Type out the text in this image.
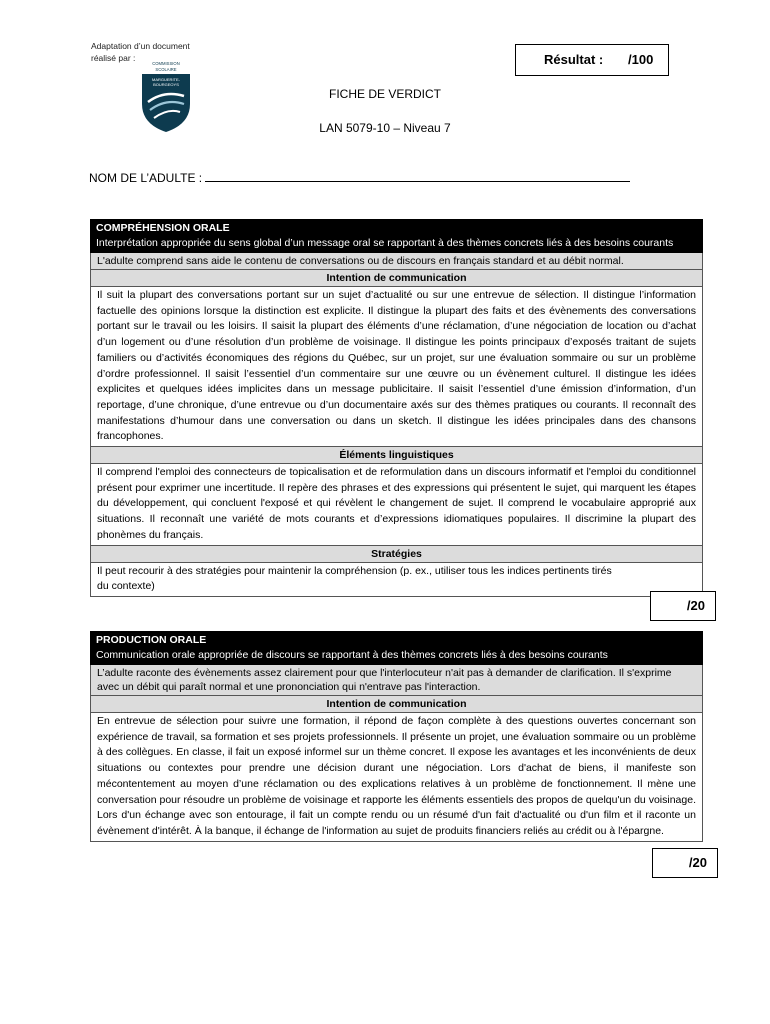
Adaptation d’un document
réalisé par :
COMMISSION
SCOLAIRE
MARGUERITE-
BOURGEOYS
Résultat : /100
FICHE DE VERDICT
LAN 5079-10 – Niveau 7
NOM DE L’ADULTE :
COMPRÉHENSION ORALE
Interprétation appropriée du sens global d’un message oral se rapportant à des thèmes concrets liés à des besoins courants
L'adulte comprend sans aide le contenu de conversations ou de discours en français standard et au débit normal.
Intention de communication
Il suit la plupart des conversations portant sur un sujet d’actualité ou sur une entrevue de sélection. Il distingue l’information factuelle des opinions lorsque la distinction est explicite. Il distingue la plupart des faits et des évènements des conversations portant sur le travail ou les loisirs. Il saisit la plupart des éléments d’une réclamation, d’une négociation de location ou d’achat d’un logement ou d’une résolution d’un problème de voisinage. Il distingue les points principaux d’exposés traitant de sujets familiers ou d’activités économiques des régions du Québec, sur un projet, sur une évaluation sommaire ou sur un problème d’ordre professionnel. Il saisit l’essentiel d’un commentaire sur une œuvre ou un évènement culturel. Il distingue les idées explicites et quelques idées implicites dans un message publicitaire. Il saisit l’essentiel d’une émission d’information, d’un reportage, d’une chronique, d’une entrevue ou d’un documentaire axés sur des thèmes pratiques ou courants. Il reconnaît des manifestations d’humour dans une conversation ou dans un sketch. Il distingue les idées principales dans des chansons francophones.
Éléments linguistiques
Il comprend l'emploi des connecteurs de topicalisation et de reformulation dans un discours informatif et l'emploi du conditionnel présent pour exprimer une incertitude. Il repère des phrases et des expressions qui présentent le sujet, qui marquent les étapes du développement, qui concluent l'exposé et qui révèlent le changement de sujet. Il comprend le vocabulaire approprié aux situations. Il reconnaît une variété de mots courants et d’expressions idiomatiques populaires. Il discrimine la plupart des phonèmes du français.
Stratégies
Il peut recourir à des stratégies pour maintenir la compréhension (p. ex., utiliser tous les indices pertinents tirés du contexte)
/20
PRODUCTION ORALE
Communication orale appropriée de discours se rapportant à des thèmes concrets liés à des besoins courants
L’adulte raconte des évènements assez clairement pour que l'interlocuteur n'ait pas à demander de clarification. Il s'exprime avec un débit qui paraît normal et une prononciation qui n'entrave pas l'interaction.
Intention de communication
En entrevue de sélection pour suivre une formation, il répond de façon complète à des questions ouvertes concernant son expérience de travail, sa formation et ses projets professionnels. Il présente un projet, une évaluation sommaire ou un problème à des collègues. En classe, il fait un exposé informel sur un thème concret. Il expose les avantages et les inconvénients de deux situations ou contextes pour prendre une décision durant une négociation. Lors d'achat de biens, il manifeste son mécontentement au moyen d’une réclamation ou des explications relatives à un problème de fonctionnement. Il mène une conversation pour résoudre un problème de voisinage et rapporte les éléments essentiels des propos de quelqu'un du voisinage. Lors d'un échange avec son entourage, il fait un compte rendu ou un résumé d'un fait d'actualité ou d'un film et il raconte un évènement d'intérêt. À la banque, il échange de l'information au sujet de produits financiers reliés au crédit ou à l'épargne.
/20
